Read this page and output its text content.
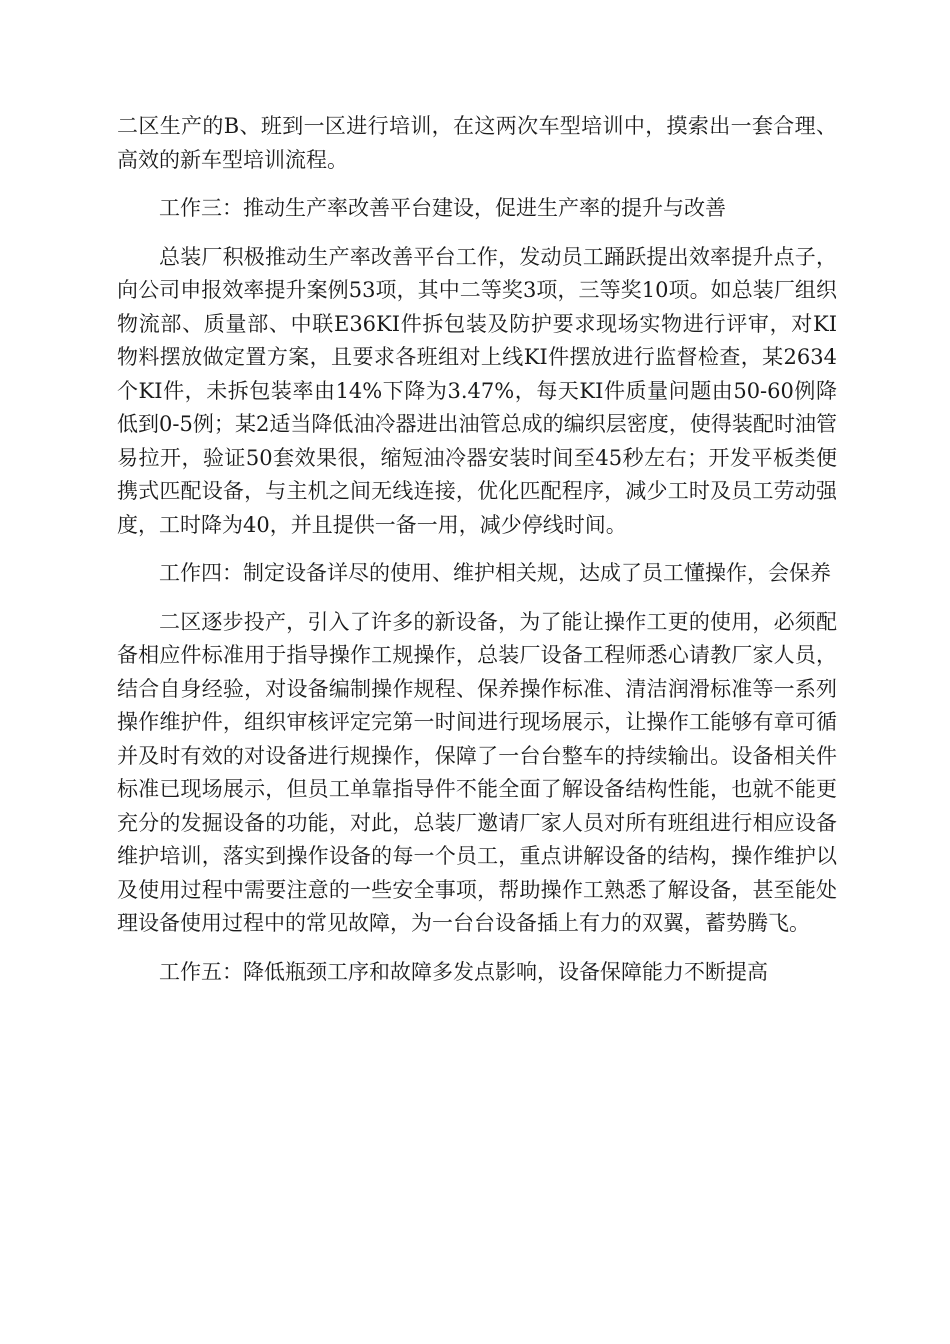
二区生产的B、班到一区进行培训，在这两次车型培训中，摸索出一套合理、高效的新车型培训流程。

工作三：推动生产率改善平台建设，促进生产率的提升与改善

总装厂积极推动生产率改善平台工作，发动员工踊跃提出效率提升点子，向公司申报效率提升案例53项，其中二等奖3项，三等奖10项。如总装厂组织物流部、质量部、中联E36KI件拆包装及防护要求现场实物进行评审，对KI物料摆放做定置方案，且要求各班组对上线KI件摆放进行监督检查，某2634个KI件，未拆包装率由14%下降为3.47%，每天KI件质量问题由50-60例降低到0-5例；某2适当降低油冷器进出油管总成的编织层密度，使得装配时油管易拉开，验证50套效果很，缩短油冷器安装时间至45秒左右；开发平板类便携式匹配设备，与主机之间无线连接，优化匹配程序，减少工时及员工劳动强度，工时降为40，并且提供一备一用，减少停线时间。

工作四：制定设备详尽的使用、维护相关规，达成了员工懂操作，会保养

二区逐步投产，引入了许多的新设备，为了能让操作工更的使用，必须配备相应件标准用于指导操作工规操作，总装厂设备工程师悉心请教厂家人员，结合自身经验，对设备编制操作规程、保养操作标准、清洁润滑标准等一系列操作维护件，组织审核评定完第一时间进行现场展示，让操作工能够有章可循并及时有效的对设备进行规操作，保障了一台台整车的持续输出。设备相关件标准已现场展示，但员工单靠指导件不能全面了解设备结构性能，也就不能更充分的发掘设备的功能，对此，总装厂邀请厂家人员对所有班组进行相应设备维护培训，落实到操作设备的每一个员工，重点讲解设备的结构，操作维护以及使用过程中需要注意的一些安全事项，帮助操作工熟悉了解设备，甚至能处理设备使用过程中的常见故障，为一台台设备插上有力的双翼，蓄势腾飞。

工作五：降低瓶颈工序和故障多发点影响，设备保障能力不断提高
